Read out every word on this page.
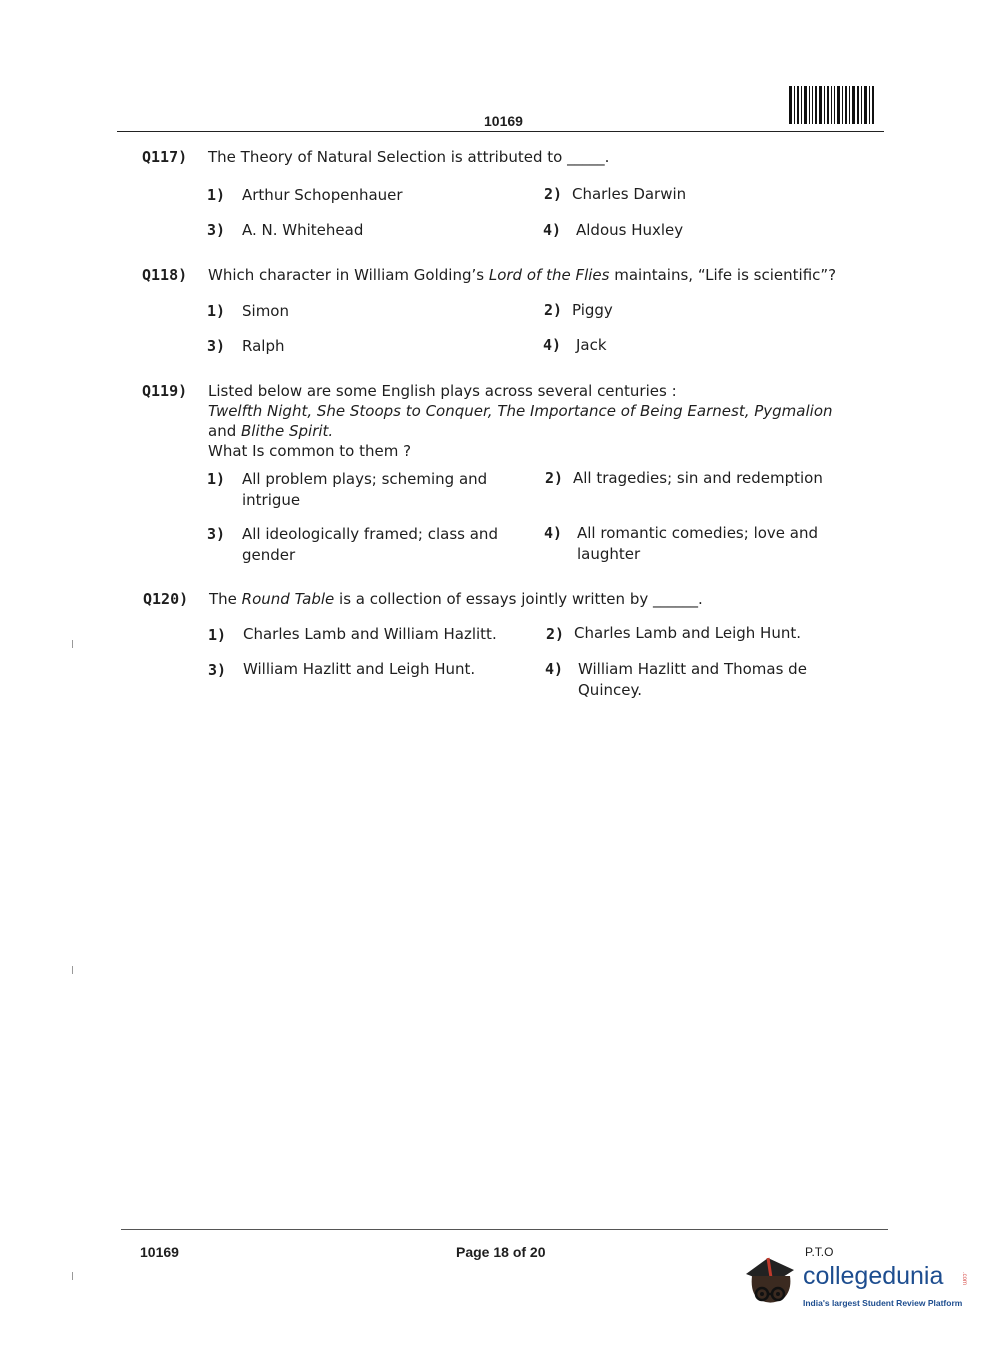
10169
Q117) The Theory of Natural Selection is attributed to _____.
1) Arthur Schopenhauer	2) Charles Darwin
3) A. N. Whitehead	4) Aldous Huxley
Q118) Which character in William Golding’s Lord of the Flies maintains, “Life is scientific”?
1) Simon	2) Piggy
3) Ralph	4) Jack
Q119) Listed below are some English plays across several centuries :
Twelfth Night, She Stoops to Conquer, The Importance of Being Earnest, Pygmalion
and Blithe Spirit.
What Is common to them ?
1) All problem plays; scheming and
intrigue
2) All tragedies; sin and redemption
3) All ideologically framed; class and
gender
4) All romantic comedies; love and
laughter
Q120) The Round Table is a collection of essays jointly written by ______.
1) Charles Lamb and William Hazlitt.	2) Charles Lamb and Leigh Hunt.
3) William Hazlitt and Leigh Hunt.	4) William Hazlitt and Thomas de
Quincey.
10169	Page 18 of 20	P.T.O
collegedunia	.com
India's largest Student Review Platform
